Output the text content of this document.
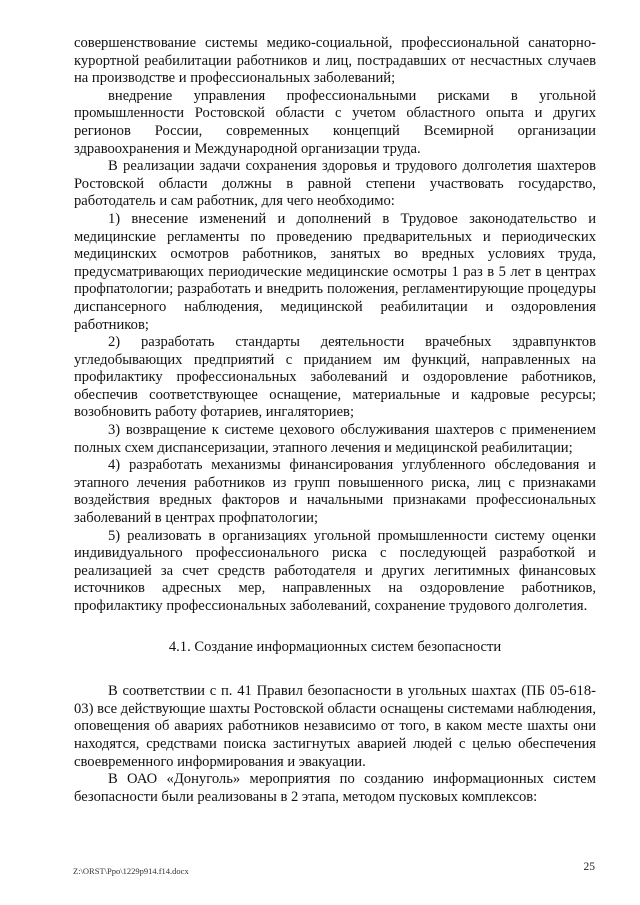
совершенствование системы медико-социальной, профессиональной санаторно-курортной реабилитации работников и лиц, пострадавших от несчастных случаев на производстве и профессиональных заболеваний;

внедрение управления профессиональными рисками в угольной промышленности Ростовской области с учетом областного опыта и других регионов России, современных концепций Всемирной организации здравоохранения и Международной организации труда.

В реализации задачи сохранения здоровья и трудового долголетия шахтеров Ростовской области должны в равной степени участвовать государство, работодатель и сам работник, для чего необходимо:

1) внесение изменений и дополнений в Трудовое законодательство и медицинские регламенты по проведению предварительных и периодических медицинских осмотров работников, занятых во вредных условиях труда, предусматривающих периодические медицинские осмотры 1 раз в 5 лет в центрах профпатологии; разработать и внедрить положения, регламентирующие процедуры диспансерного наблюдения, медицинской реабилитации и оздоровления работников;

2) разработать стандарты деятельности врачебных здравпунктов угледобывающих предприятий с приданием им функций, направленных на профилактику профессиональных заболеваний и оздоровление работников, обеспечив соответствующее оснащение, материальные и кадровые ресурсы; возобновить работу фотариев, ингаляториев;

3) возвращение к системе цехового обслуживания шахтеров с применением полных схем диспансеризации, этапного лечения и медицинской реабилитации;

4) разработать механизмы финансирования углубленного обследования и этапного лечения работников из групп повышенного риска, лиц с признаками воздействия вредных факторов и начальными признаками профессиональных заболеваний в центрах профпатологии;

5) реализовать в организациях угольной промышленности систему оценки индивидуального профессионального риска с последующей разработкой и реализацией за счет средств работодателя и других легитимных финансовых источников адресных мер, направленных на оздоровление работников, профилактику профессиональных заболеваний, сохранение трудового долголетия.

4.1. Создание информационных систем безопасности

В соответствии с п. 41 Правил безопасности в угольных шахтах (ПБ 05-618-03) все действующие шахты Ростовской области оснащены системами наблюдения, оповещения об авариях работников независимо от того, в каком месте шахты они находятся, средствами поиска застигнутых аварией людей с целью обеспечения своевременного информирования и эвакуации.

В ОАО «Донуголь» мероприятия по созданию информационных систем безопасности были реализованы в 2 этапа, методом пусковых комплексов:

Z:\ORST\Ppo\1229p914.f14.docx	25
